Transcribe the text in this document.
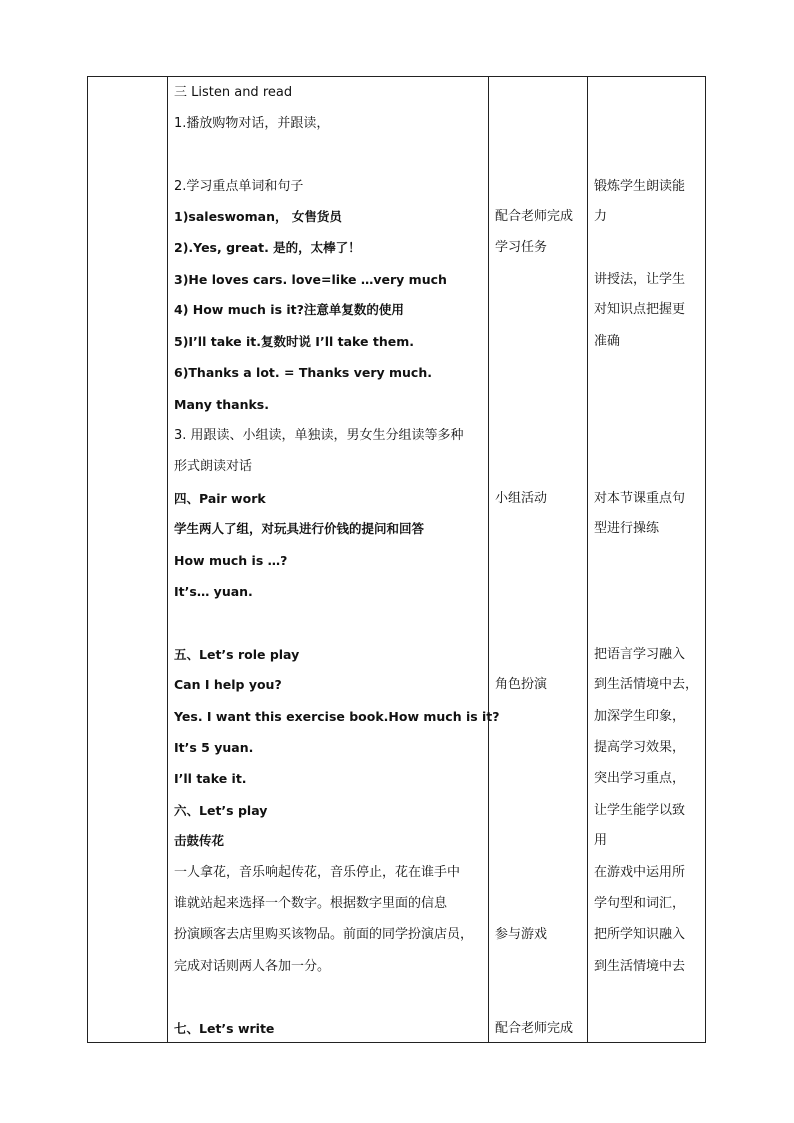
三 Listen and read
1.播放购物对话，并跟读，
2.学习重点单词和句子
1)saleswoman， 女售货员
2).Yes, great. 是的，太棒了！
3)He loves cars. love=like …very much
4) How much is it?注意单复数的使用
5)I’ll take it.复数时说 I’ll take them.
6)Thanks a lot. = Thanks very much.
Many thanks.
3. 用跟读、小组读，单独读，男女生分组读等多种
形式朗读对话
四、Pair work
学生两人了组，对玩具进行价钱的提问和回答
How much is …?
It’s… yuan.
五、Let’s role play
Can I help you?
Yes. I want this exercise book.How much is it?
It’s 5 yuan.
I’ll take it.
六、Let’s play
击鼓传花
一人拿花，音乐响起传花，音乐停止，花在谁手中
谁就站起来选择一个数字。根据数字里面的信息
扮演顾客去店里购买该物品。前面的同学扮演店员，
完成对话则两人各加一分。
七、Let’s write
配合老师完成
学习任务
小组活动
角色扮演
参与游戏
配合老师完成
锻炼学生朗读能
力
讲授法，让学生
对知识点把握更
准确
对本节课重点句
型进行操练
把语言学习融入
到生活情境中去，
加深学生印象，
提高学习效果，
突出学习重点，
让学生能学以致
用
在游戏中运用所
学句型和词汇，
把所学知识融入
到生活情境中去
